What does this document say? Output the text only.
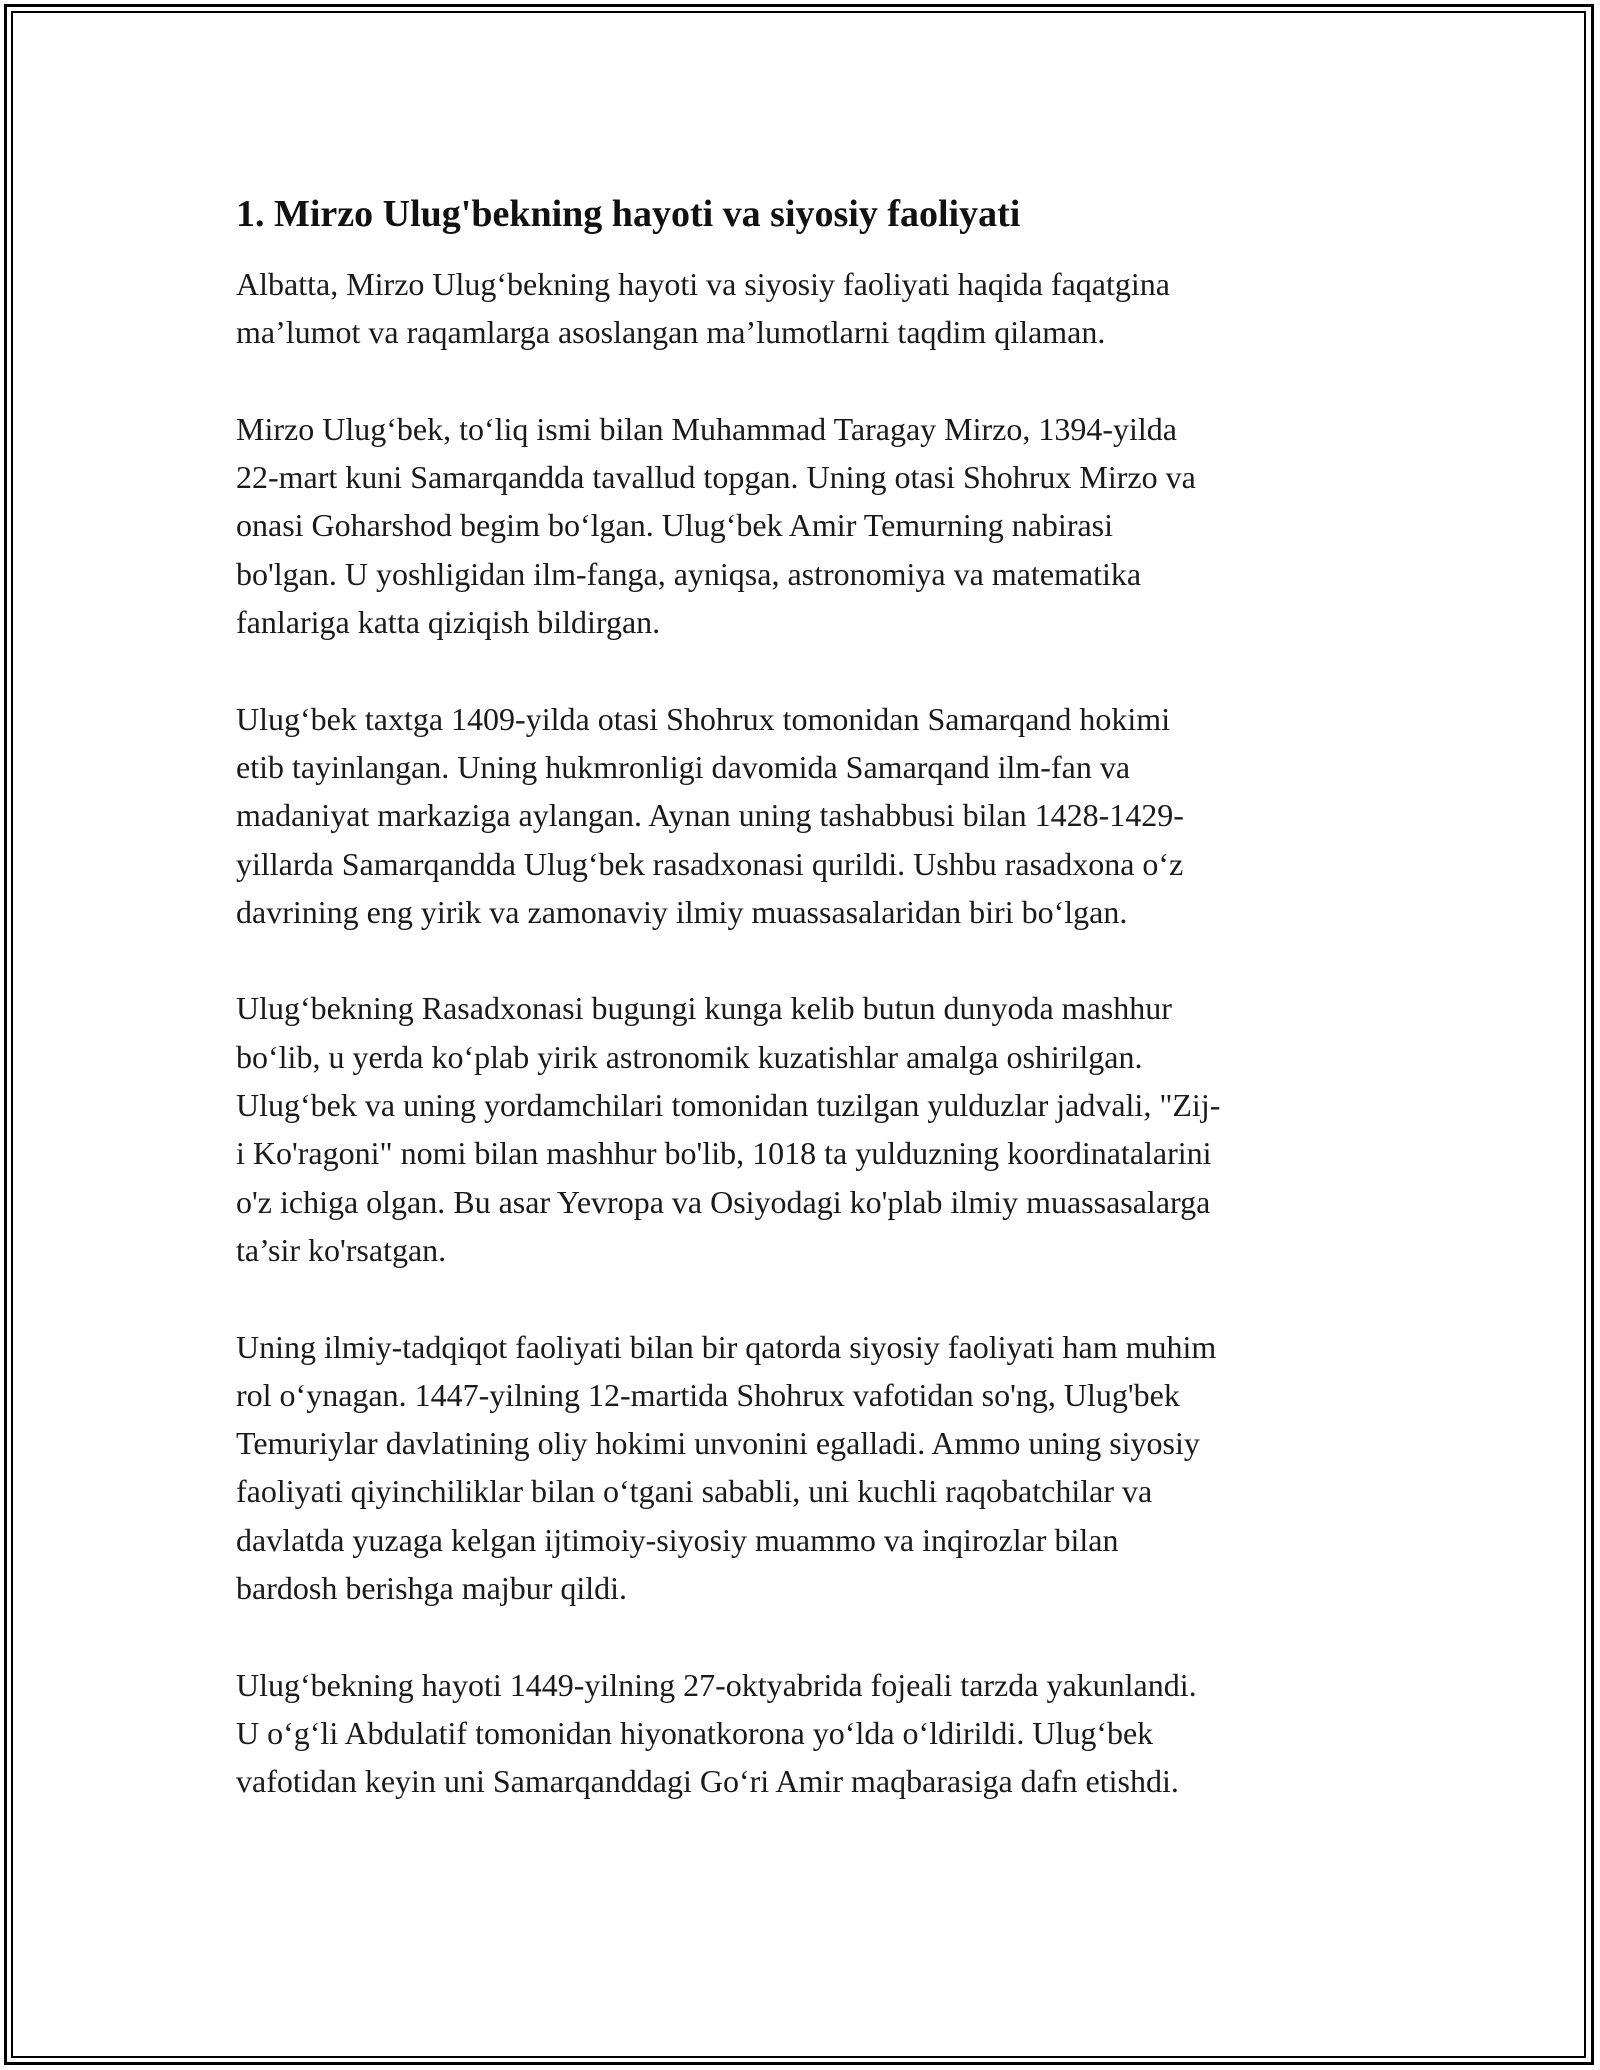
1. Mirzo Ulug'bekning hayoti va siyosiy faoliyati

Albatta, Mirzo Ulug‘bekning hayoti va siyosiy faoliyati haqida faqatgina
ma’lumot va raqamlarga asoslangan ma’lumotlarni taqdim qilaman.

Mirzo Ulug‘bek, to‘liq ismi bilan Muhammad Taragay Mirzo, 1394-yilda
22-mart kuni Samarqandda tavallud topgan. Uning otasi Shohrux Mirzo va
onasi Goharshod begim bo‘lgan. Ulug‘bek Amir Temurning nabirasi
bo'lgan. U yoshligidan ilm-fanga, ayniqsa, astronomiya va matematika
fanlariga katta qiziqish bildirgan.

Ulug‘bek taxtga 1409-yilda otasi Shohrux tomonidan Samarqand hokimi
etib tayinlangan. Uning hukmronligi davomida Samarqand ilm-fan va
madaniyat markaziga aylangan. Aynan uning tashabbusi bilan 1428-1429-
yillarda Samarqandda Ulug‘bek rasadxonasi qurildi. Ushbu rasadxona o‘z
davrining eng yirik va zamonaviy ilmiy muassasalaridan biri bo‘lgan.

Ulug‘bekning Rasadxonasi bugungi kunga kelib butun dunyoda mashhur
bo‘lib, u yerda ko‘plab yirik astronomik kuzatishlar amalga oshirilgan.
Ulug‘bek va uning yordamchilari tomonidan tuzilgan yulduzlar jadvali, "Zij-
i Ko'ragoni" nomi bilan mashhur bo'lib, 1018 ta yulduzning koordinatalarini
o'z ichiga olgan. Bu asar Yevropa va Osiyodagi ko'plab ilmiy muassasalarga
ta’sir ko'rsatgan.

Uning ilmiy-tadqiqot faoliyati bilan bir qatorda siyosiy faoliyati ham muhim
rol o‘ynagan. 1447-yilning 12-martida Shohrux vafotidan so'ng, Ulug'bek
Temuriylar davlatining oliy hokimi unvonini egalladi. Ammo uning siyosiy
faoliyati qiyinchiliklar bilan o‘tgani sababli, uni kuchli raqobatchilar va
davlatda yuzaga kelgan ijtimoiy-siyosiy muammo va inqirozlar bilan
bardosh berishga majbur qildi.

Ulug‘bekning hayoti 1449-yilning 27-oktyabrida fojeali tarzda yakunlandi.
U o‘g‘li Abdulatif tomonidan hiyonatkorona yo‘lda o‘ldirildi. Ulug‘bek
vafotidan keyin uni Samarqanddagi Go‘ri Amir maqbarasiga dafn etishdi.
